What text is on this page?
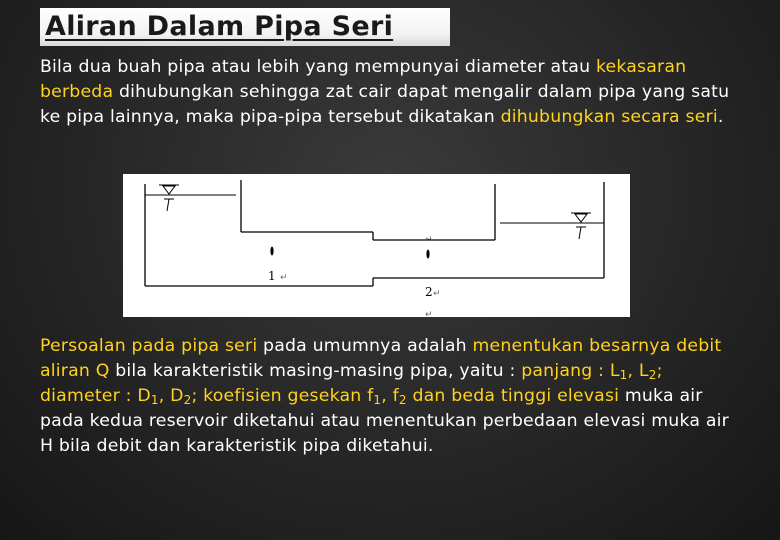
Aliran Dalam Pipa Seri
Bila dua buah pipa atau lebih yang mempunyai diameter atau kekasaran berbeda dihubungkan sehingga zat cair dapat mengalir dalam pipa yang satu ke pipa lainnya, maka pipa-pipa tersebut dikatakan dihubungkan secara seri.
1 ↵
2 ↵
↵
↵
Persoalan pada pipa seri pada umumnya adalah menentukan besarnya debit aliran Q bila karakteristik masing-masing pipa, yaitu : panjang : $L_1$, $L_2$; diameter : $D_1$, $D_2$; koefisien gesekan $f_1$, $f_2$ dan beda tinggi elevasi muka air pada kedua reservoir diketahui atau menentukan perbedaan elevasi muka air H bila debit dan karakteristik pipa diketahui.
